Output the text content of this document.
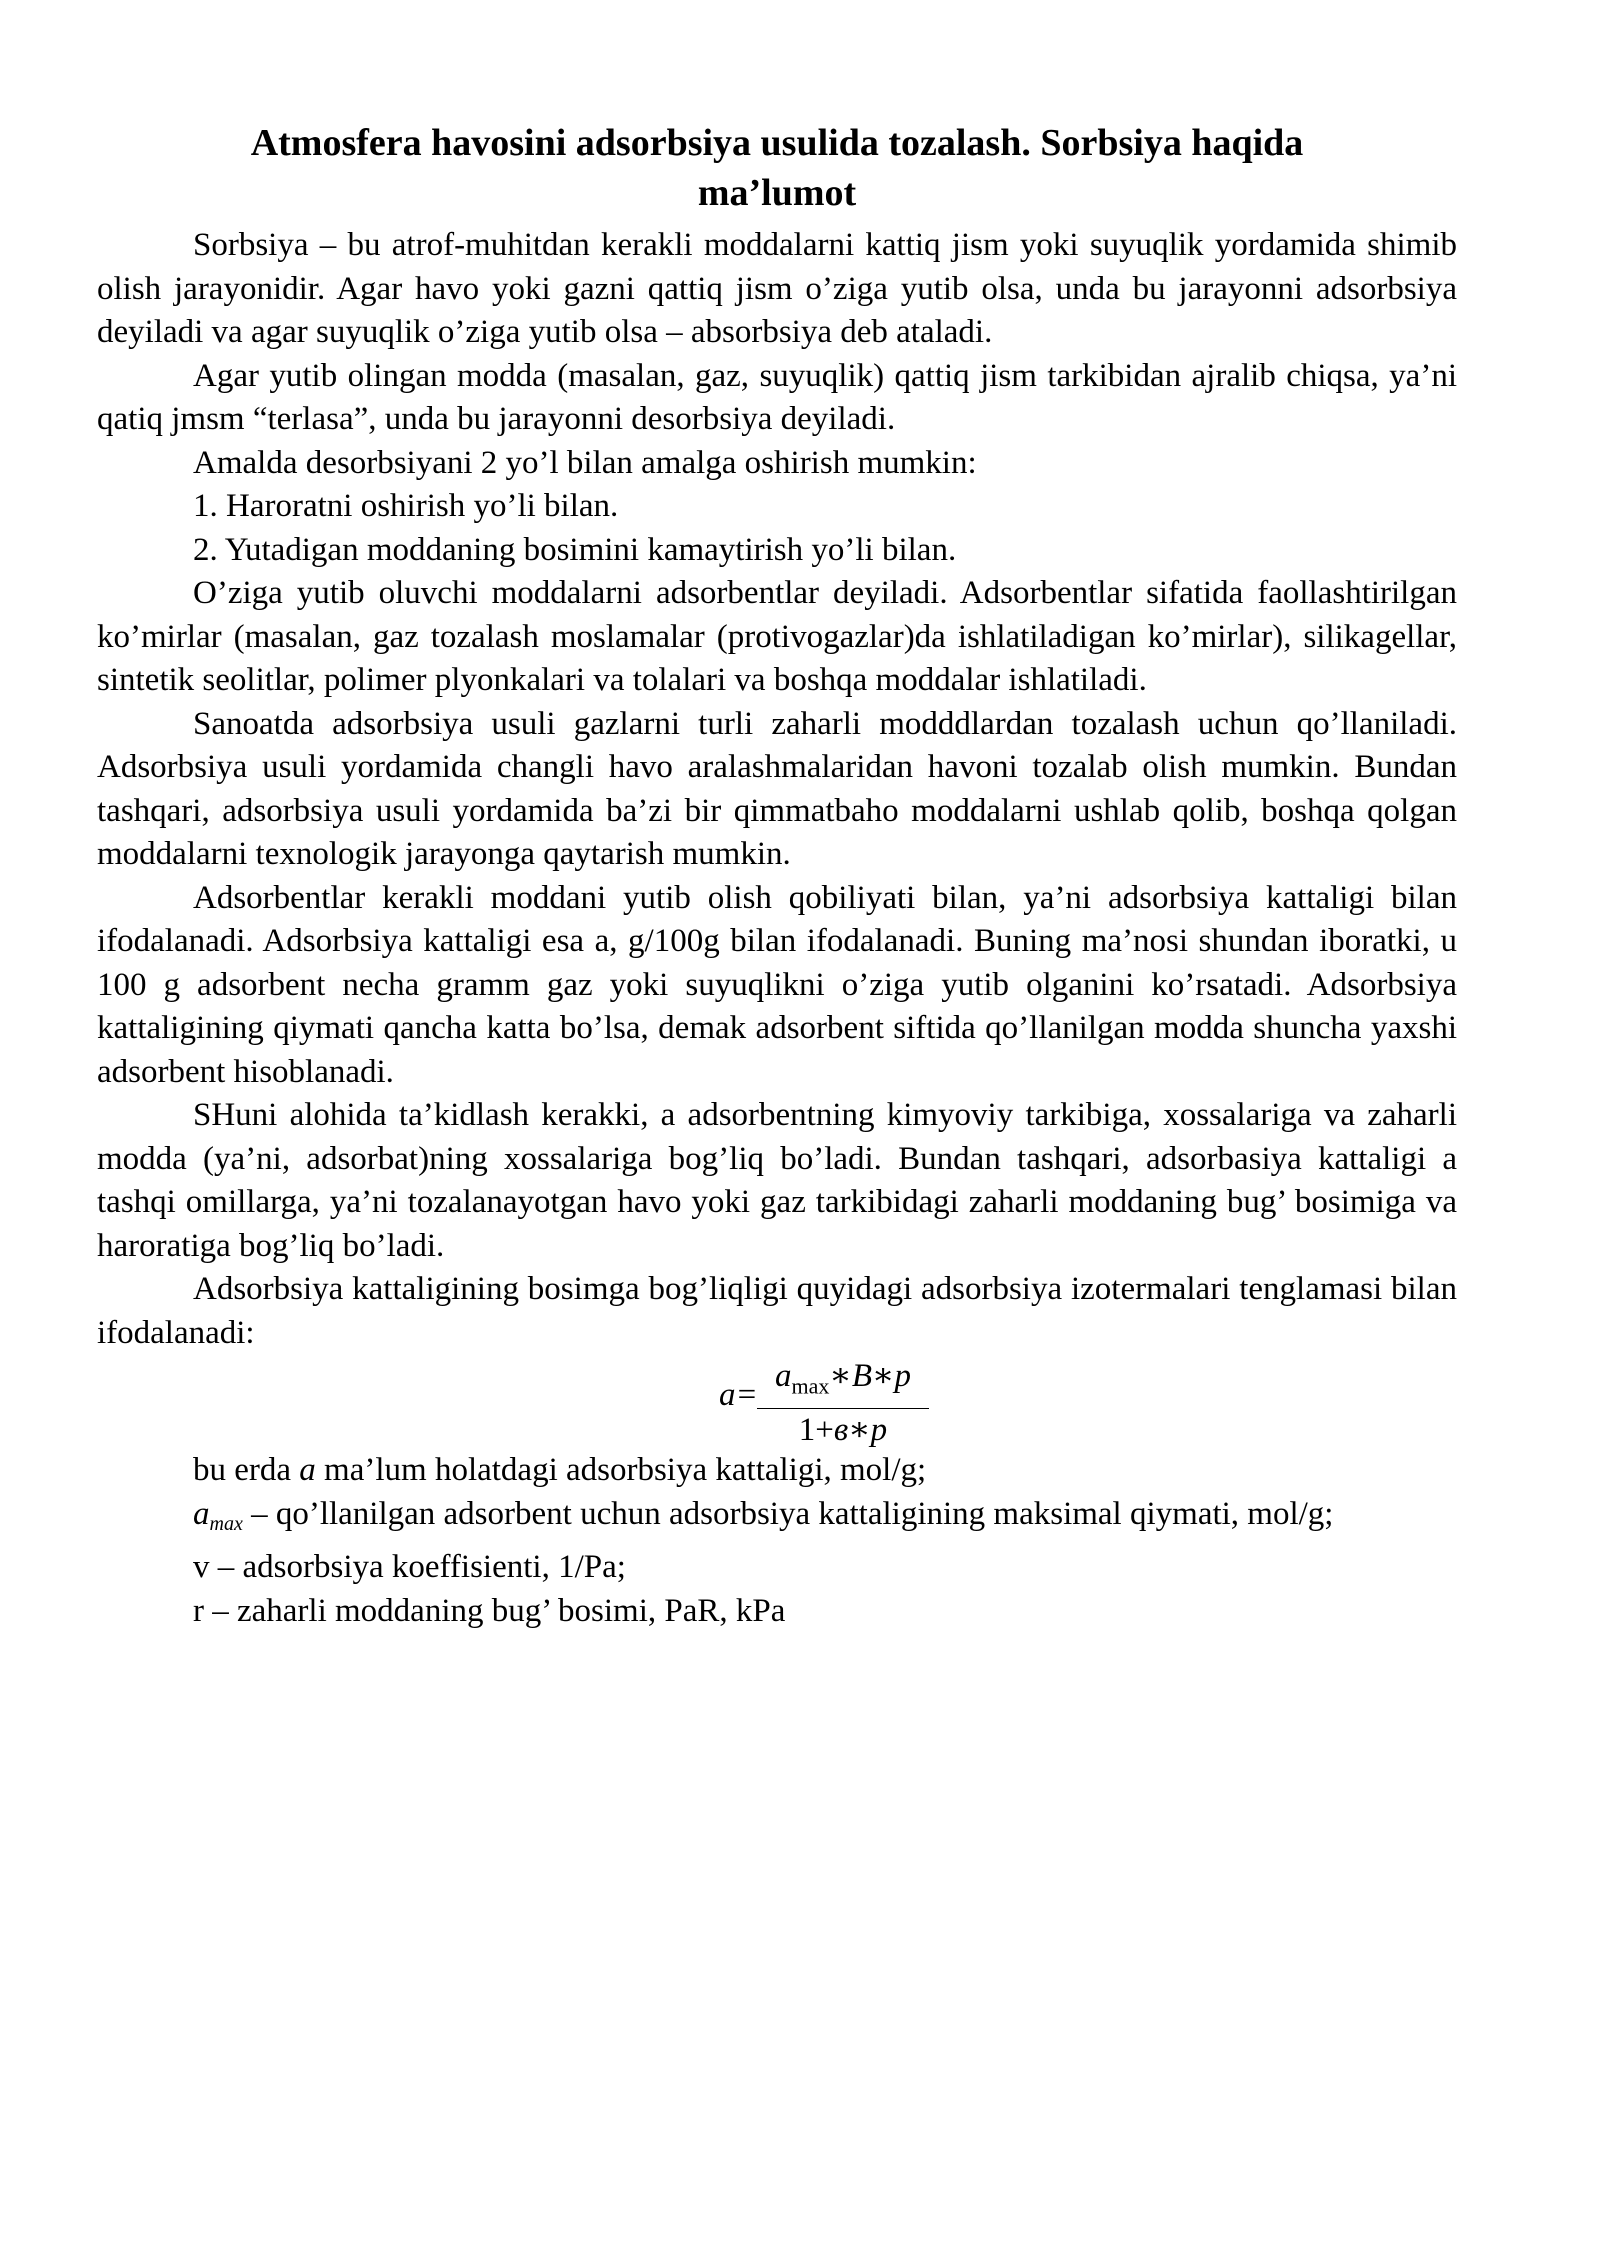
Atmosfera havosini adsorbsiya usulida tozalash. Sorbsiya haqida ma’lumot

Sorbsiya – bu atrof-muhitdan kerakli moddalarni kattiq jism yoki suyuqlik yordamida shimib olish jarayonidir. Agar havo yoki gazni qattiq jism o’ziga yutib olsa, unda bu jarayonni adsorbsiya deyiladi va agar suyuqlik o’ziga yutib olsa – absorbsiya deb ataladi.

Agar yutib olingan modda (masalan, gaz, suyuqlik) qattiq jism tarkibidan ajralib chiqsa, ya’ni qatiq jmsm “terlasa”, unda bu jarayonni desorbsiya deyiladi.

Amalda desorbsiyani 2 yo’l bilan amalga oshirish mumkin:

1. Haroratni oshirish yo’li bilan.

2. Yutadigan moddaning bosimini kamaytirish yo’li bilan.

O’ziga yutib oluvchi moddalarni adsorbentlar deyiladi. Adsorbentlar sifatida faollashtirilgan ko’mirlar (masalan, gaz tozalash moslamalar (protivogazlar)da ishlatiladigan ko’mirlar), silikagellar, sintetik seolitlar, polimer plyonkalari va tolalari va boshqa moddalar ishlatiladi.

Sanoatda adsorbsiya usuli gazlarni turli zaharli modddlardan tozalash uchun qo’llaniladi. Adsorbsiya usuli yordamida changli havo aralashmalaridan havoni tozalab olish mumkin. Bundan tashqari, adsorbsiya usuli yordamida ba’zi bir qimmatbaho moddalarni ushlab qolib, boshqa qolgan moddalarni texnologik jarayonga qaytarish mumkin.

Adsorbentlar kerakli moddani yutib olish qobiliyati bilan, ya’ni adsorbsiya kattaligi bilan ifodalanadi. Adsorbsiya kattaligi esa a, g/100g bilan ifodalanadi. Buning ma’nosi shundan iboratki, u 100 g adsorbent necha gramm gaz yoki suyuqlikni o’ziga yutib olganini ko’rsatadi. Adsorbsiya kattaligining qiymati qancha katta bo’lsa, demak adsorbent siftida qo’llanilgan modda shuncha yaxshi adsorbent hisoblanadi.

SHuni alohida ta’kidlash kerakki, a adsorbentning kimyoviy tarkibiga, xossalariga va zaharli modda (ya’ni, adsorbat)ning xossalariga bog’liq bo’ladi. Bundan tashqari, adsorbasiya kattaligi a tashqi omillarga, ya’ni tozalanayotgan havo yoki gaz tarkibidagi zaharli moddaning bug’ bosimiga va haroratiga bog’liq bo’ladi.

Adsorbsiya kattaligining bosimga bog’liqligi quyidagi adsorbsiya izotermalari tenglamasi bilan ifodalanadi:

a=
$a_{max}∗B∗p$
1+в∗p

bu erda a ma’lum holatdagi adsorbsiya kattaligi, mol/g;

amax – qo’llanilgan adsorbent uchun adsorbsiya kattaligining maksimal qiymati, mol/g;

v – adsorbsiya koeffisienti, 1/Pa;

r – zaharli moddaning bug’ bosimi, PaR, kPa
